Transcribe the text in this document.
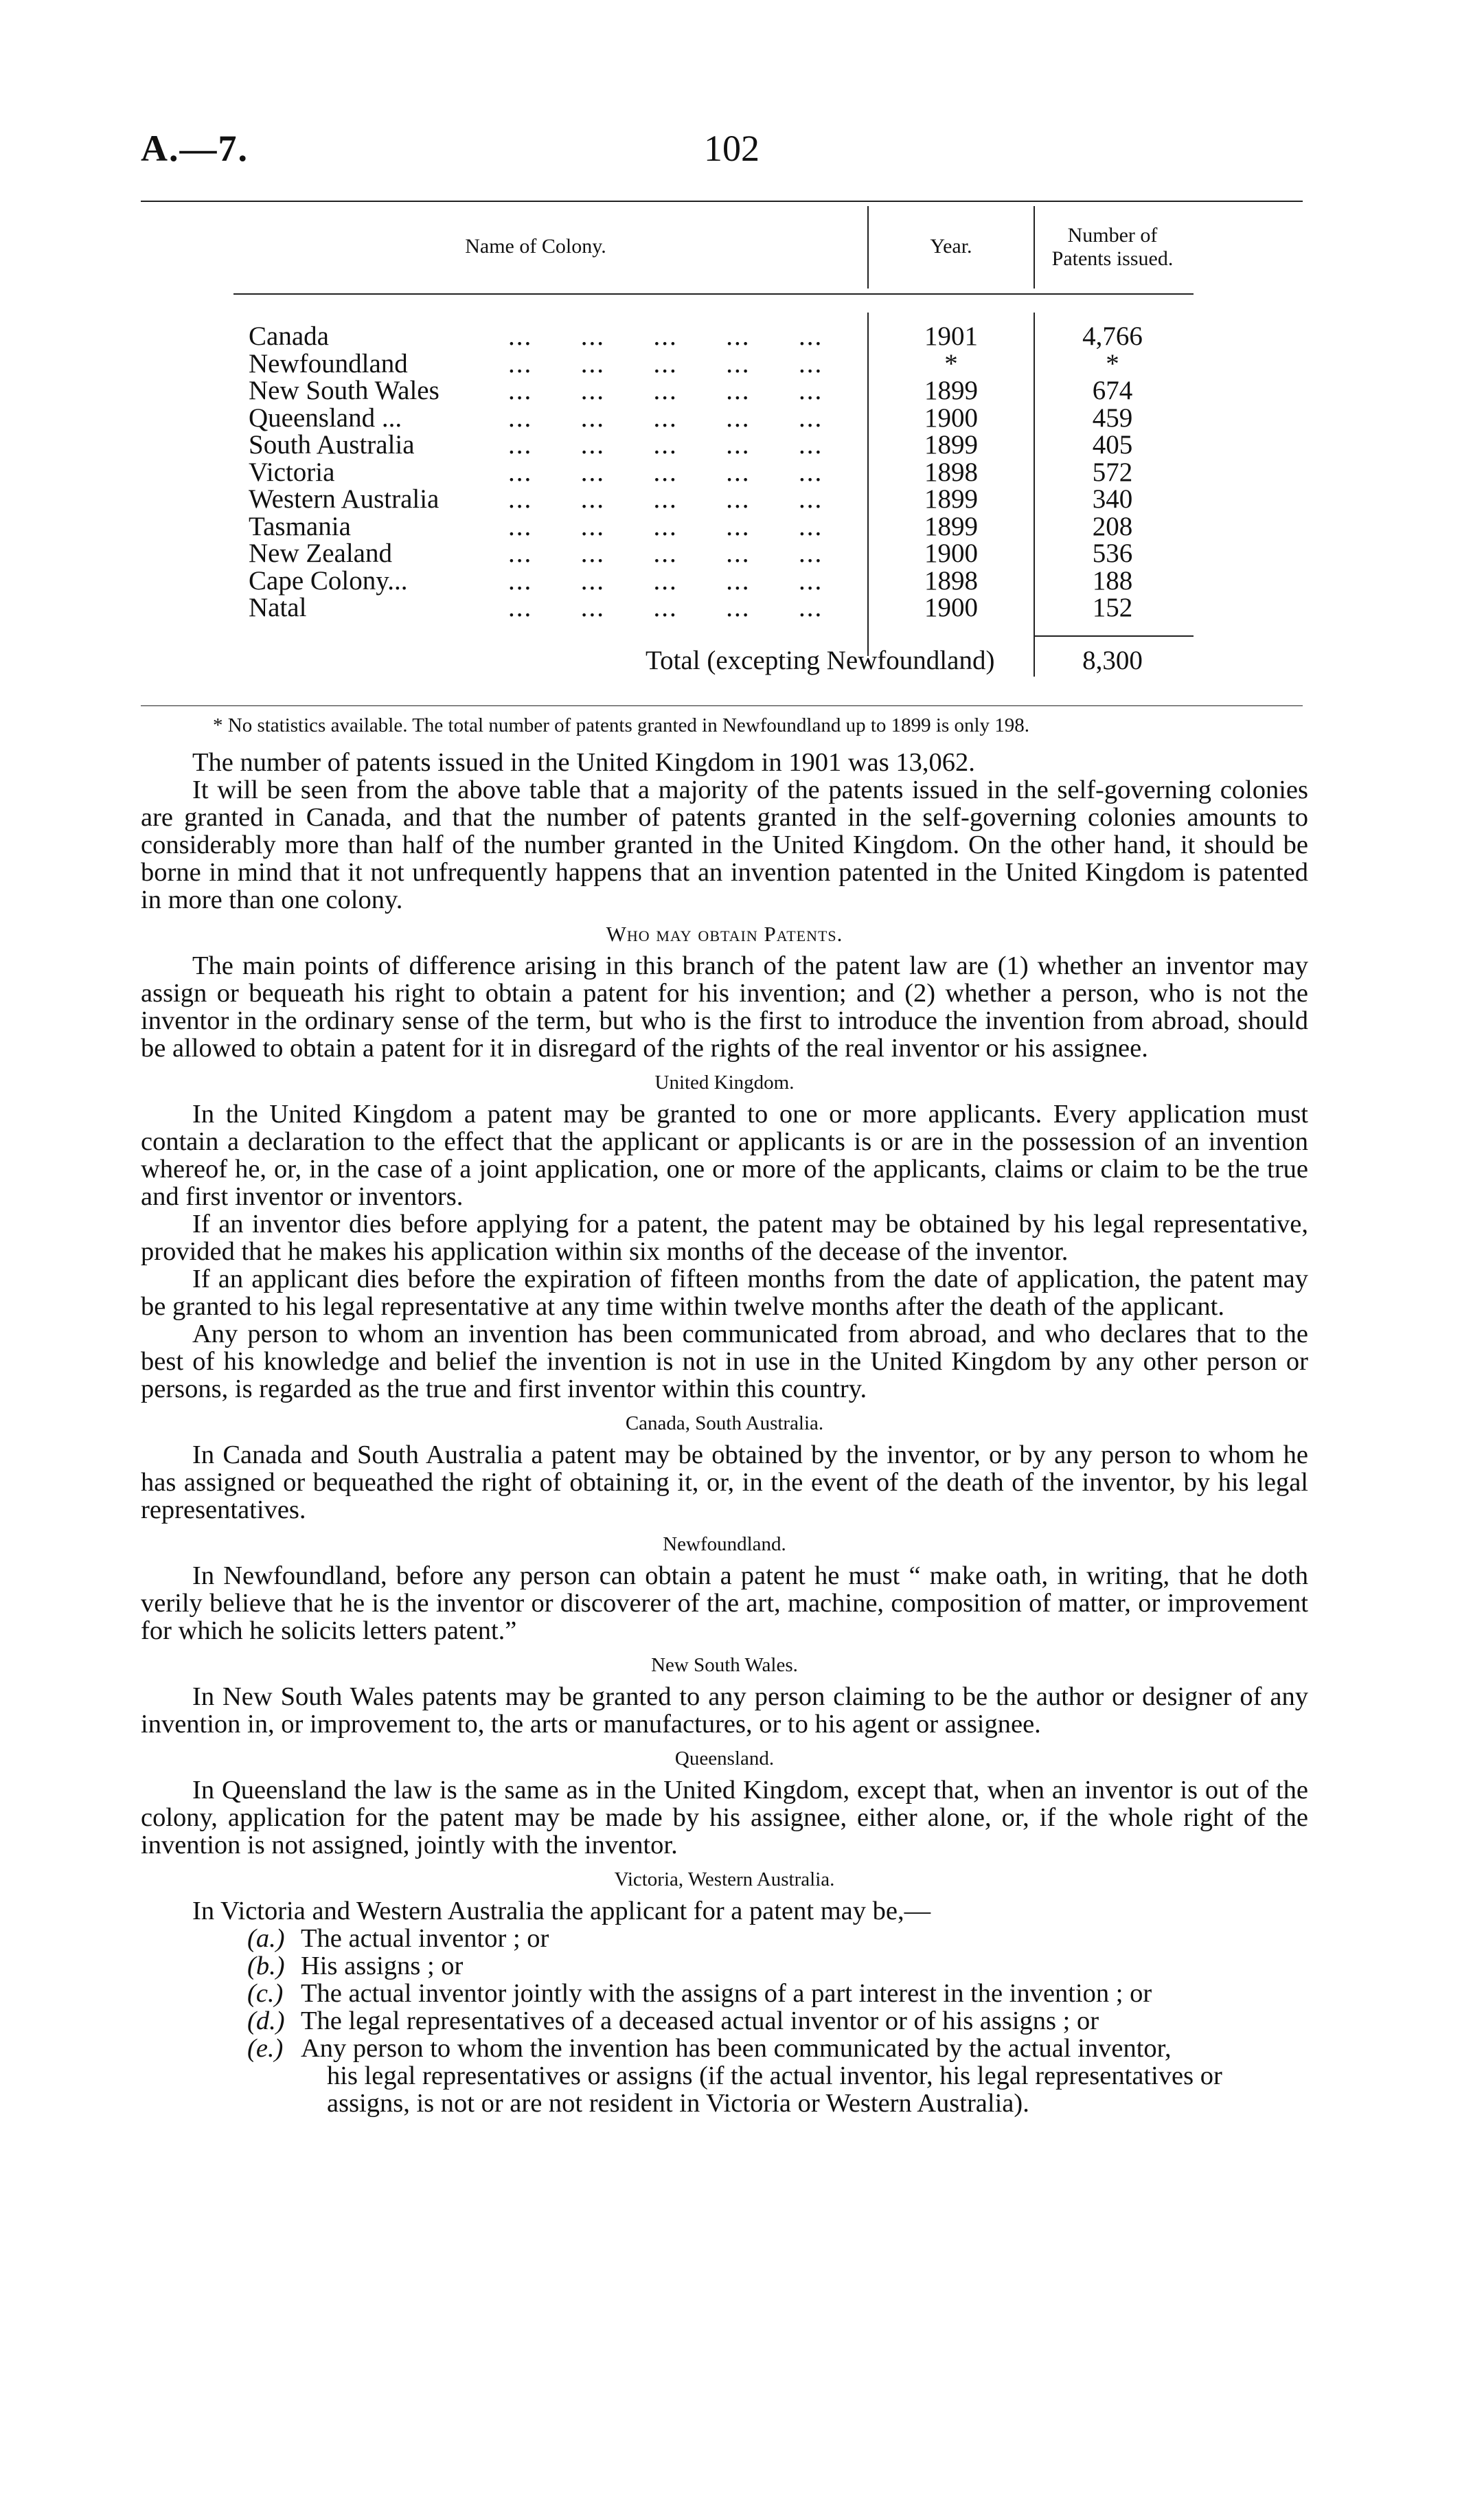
A.—7.	102
Name of Colony.	Year.	Number of Patents issued.
Canada	...      ...      ...      ...      ...	1901	4,766
Newfoundland	...      ...      ...      ...      ...	*	*
New South Wales	...      ...      ...      ...      ...	1899	674
Queensland ...	...      ...      ...      ...      ...	1900	459
South Australia	...      ...      ...      ...      ...	1899	405
Victoria	...      ...      ...      ...      ...	1898	572
Western Australia	...      ...      ...      ...      ...	1899	340
Tasmania	...      ...      ...      ...      ...	1899	208
New Zealand	...      ...      ...      ...      ...	1900	536
Cape Colony...	...      ...      ...      ...      ...	1898	188
Natal	...      ...      ...      ...      ...	1900	152
Total (excepting Newfoundland)	8,300
* No statistics available. The total number of patents granted in Newfoundland up to 1899 is only 198.

The number of patents issued in the United Kingdom in 1901 was 13,062.

It will be seen from the above table that a majority of the patents issued in the self-governing colonies are granted in Canada, and that the number of patents granted in the self-governing colonies amounts to considerably more than half of the number granted in the United Kingdom. On the other hand, it should be borne in mind that it not unfrequently happens that an invention patented in the United Kingdom is patented in more than one colony.

Who may obtain Patents.

The main points of difference arising in this branch of the patent law are (1) whether an inventor may assign or bequeath his right to obtain a patent for his invention; and (2) whether a person, who is not the inventor in the ordinary sense of the term, but who is the first to introduce the invention from abroad, should be allowed to obtain a patent for it in disregard of the rights of the real inventor or his assignee.

United Kingdom.

In the United Kingdom a patent may be granted to one or more applicants. Every application must contain a declaration to the effect that the applicant or applicants is or are in the possession of an invention whereof he, or, in the case of a joint application, one or more of the applicants, claims or claim to be the true and first inventor or inventors.

If an inventor dies before applying for a patent, the patent may be obtained by his legal representative, provided that he makes his application within six months of the decease of the inventor.

If an applicant dies before the expiration of fifteen months from the date of application, the patent may be granted to his legal representative at any time within twelve months after the death of the applicant.

Any person to whom an invention has been communicated from abroad, and who declares that to the best of his knowledge and belief the invention is not in use in the United Kingdom by any other person or persons, is regarded as the true and first inventor within this country.

Canada, South Australia.

In Canada and South Australia a patent may be obtained by the inventor, or by any person to whom he has assigned or bequeathed the right of obtaining it, or, in the event of the death of the inventor, by his legal representatives.

Newfoundland.

In Newfoundland, before any person can obtain a patent he must “ make oath, in writing, that he doth verily believe that he is the inventor or discoverer of the art, machine, composition of matter, or improvement for which he solicits letters patent.”

New South Wales.

In New South Wales patents may be granted to any person claiming to be the author or designer of any invention in, or improvement to, the arts or manufactures, or to his agent or assignee.

Queensland.

In Queensland the law is the same as in the United Kingdom, except that, when an inventor is out of the colony, application for the patent may be made by his assignee, either alone, or, if the whole right of the invention is not assigned, jointly with the inventor.

Victoria, Western Australia.

In Victoria and Western Australia the applicant for a patent may be,—

(a.) The actual inventor ; or
(b.) His assigns ; or
(c.) The actual inventor jointly with the assigns of a part interest in the invention ; or
(d.) The legal representatives of a deceased actual inventor or of his assigns ; or
(e.) Any person to whom the invention has been communicated by the actual inventor,
his legal representatives or assigns (if the actual inventor, his legal representatives or assigns, is not or are not resident in Victoria or Western Australia).
